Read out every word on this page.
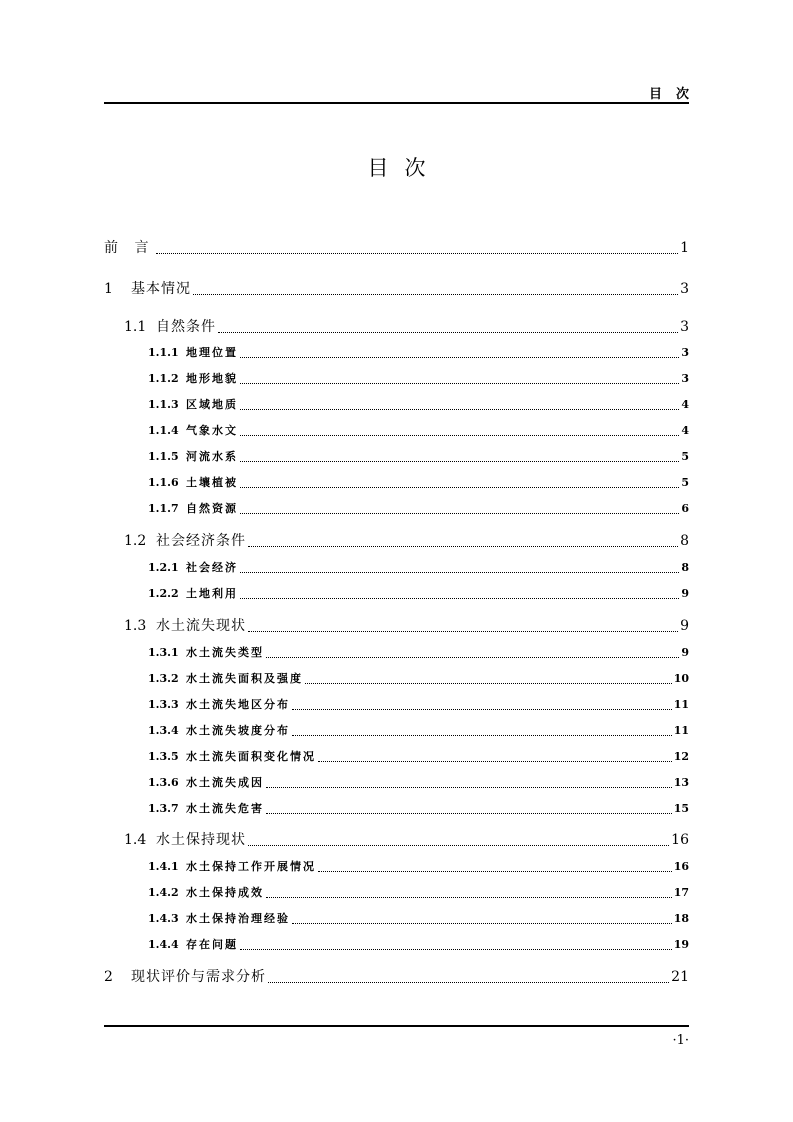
目次
目次
前 言	1
1	基本情况	3
1.1 自然条件	3
1.1.1 地理位置	3
1.1.2 地形地貌	3
1.1.3 区域地质	4
1.1.4 气象水文	4
1.1.5 河流水系	5
1.1.6 土壤植被	5
1.1.7 自然资源	6
1.2 社会经济条件	8
1.2.1 社会经济	8
1.2.2 土地利用	9
1.3 水土流失现状	9
1.3.1 水土流失类型	9
1.3.2 水土流失面积及强度	10
1.3.3 水土流失地区分布	11
1.3.4 水土流失坡度分布	11
1.3.5 水土流失面积变化情况	12
1.3.6 水土流失成因	13
1.3.7 水土流失危害	15
1.4 水土保持现状	16
1.4.1 水土保持工作开展情况	16
1.4.2 水土保持成效	17
1.4.3 水土保持治理经验	18
1.4.4 存在问题	19
2	现状评价与需求分析	21
·1·
